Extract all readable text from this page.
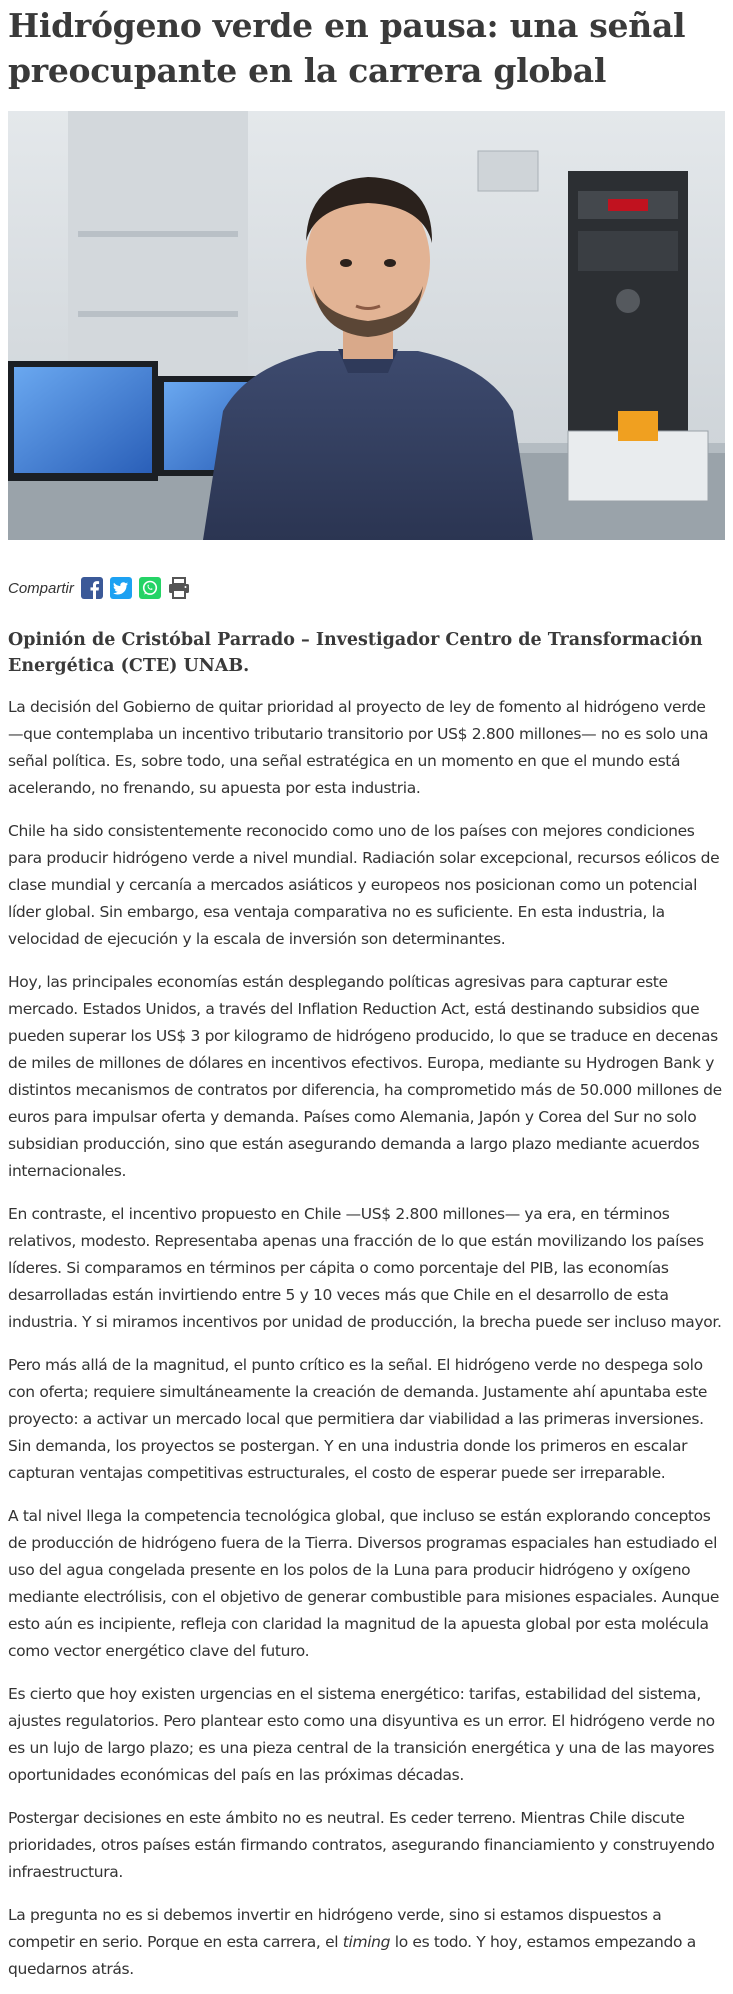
Hidrógeno verde en pausa: una señal preocupante en la carrera global
Compartir
Opinión de Cristóbal Parrado – Investigador Centro de Transformación Energética (CTE) UNAB.

La decisión del Gobierno de quitar prioridad al proyecto de ley de fomento al hidrógeno verde —que contemplaba un incentivo tributario transitorio por US$ 2.800 millones— no es solo una señal política. Es, sobre todo, una señal estratégica en un momento en que el mundo está acelerando, no frenando, su apuesta por esta industria.

Chile ha sido consistentemente reconocido como uno de los países con mejores condiciones para producir hidrógeno verde a nivel mundial. Radiación solar excepcional, recursos eólicos de clase mundial y cercanía a mercados asiáticos y europeos nos posicionan como un potencial líder global. Sin embargo, esa ventaja comparativa no es suficiente. En esta industria, la velocidad de ejecución y la escala de inversión son determinantes.

Hoy, las principales economías están desplegando políticas agresivas para capturar este mercado. Estados Unidos, a través del Inflation Reduction Act, está destinando subsidios que pueden superar los US$ 3 por kilogramo de hidrógeno producido, lo que se traduce en decenas de miles de millones de dólares en incentivos efectivos. Europa, mediante su Hydrogen Bank y distintos mecanismos de contratos por diferencia, ha comprometido más de 50.000 millones de euros para impulsar oferta y demanda. Países como Alemania, Japón y Corea del Sur no solo subsidian producción, sino que están asegurando demanda a largo plazo mediante acuerdos internacionales.

En contraste, el incentivo propuesto en Chile —US$ 2.800 millones— ya era, en términos relativos, modesto. Representaba apenas una fracción de lo que están movilizando los países líderes. Si comparamos en términos per cápita o como porcentaje del PIB, las economías desarrolladas están invirtiendo entre 5 y 10 veces más que Chile en el desarrollo de esta industria. Y si miramos incentivos por unidad de producción, la brecha puede ser incluso mayor.

Pero más allá de la magnitud, el punto crítico es la señal. El hidrógeno verde no despega solo con oferta; requiere simultáneamente la creación de demanda. Justamente ahí apuntaba este proyecto: a activar un mercado local que permitiera dar viabilidad a las primeras inversiones. Sin demanda, los proyectos se postergan. Y en una industria donde los primeros en escalar capturan ventajas competitivas estructurales, el costo de esperar puede ser irreparable.

A tal nivel llega la competencia tecnológica global, que incluso se están explorando conceptos de producción de hidrógeno fuera de la Tierra. Diversos programas espaciales han estudiado el uso del agua congelada presente en los polos de la Luna para producir hidrógeno y oxígeno mediante electrólisis, con el objetivo de generar combustible para misiones espaciales. Aunque esto aún es incipiente, refleja con claridad la magnitud de la apuesta global por esta molécula como vector energético clave del futuro.

Es cierto que hoy existen urgencias en el sistema energético: tarifas, estabilidad del sistema, ajustes regulatorios. Pero plantear esto como una disyuntiva es un error. El hidrógeno verde no es un lujo de largo plazo; es una pieza central de la transición energética y una de las mayores oportunidades económicas del país en las próximas décadas.

Postergar decisiones en este ámbito no es neutral. Es ceder terreno. Mientras Chile discute prioridades, otros países están firmando contratos, asegurando financiamiento y construyendo infraestructura.

La pregunta no es si debemos invertir en hidrógeno verde, sino si estamos dispuestos a competir en serio. Porque en esta carrera, el timing lo es todo. Y hoy, estamos empezando a quedarnos atrás.
